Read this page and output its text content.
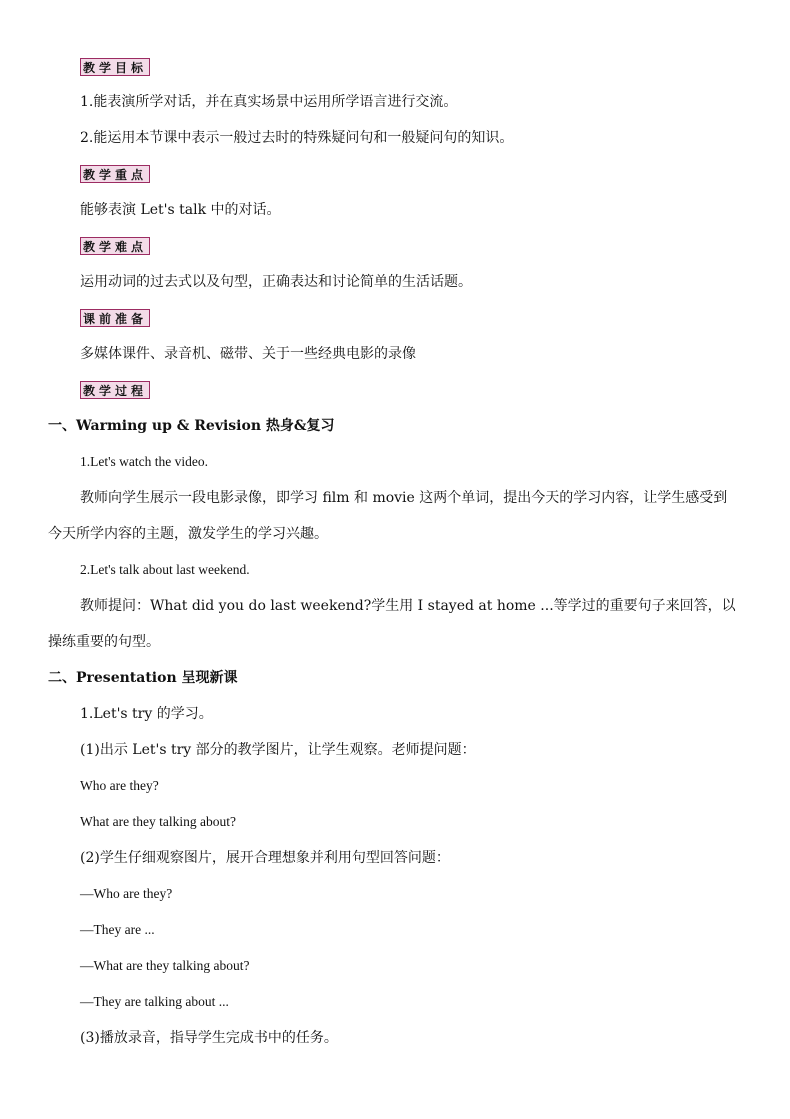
教学目标
1.能表演所学对话，并在真实场景中运用所学语言进行交流。
2.能运用本节课中表示一般过去时的特殊疑问句和一般疑问句的知识。
教学重点
能够表演 Let's talk 中的对话。
教学难点
运用动词的过去式以及句型，正确表达和讨论简单的生活话题。
课前准备
多媒体课件、录音机、磁带、关于一些经典电影的录像
教学过程
一、Warming up & Revision 热身&复习
1.Let's watch the video.
教师向学生展示一段电影录像，即学习 film 和 movie 这两个单词，提出今天的学习内容，让学生感受到今天所学内容的主题，激发学生的学习兴趣。
2.Let's talk about last weekend.
教师提问：What did you do last weekend?学生用 I stayed at home ...等学过的重要句子来回答，以操练重要的句型。
二、Presentation 呈现新课
1.Let's try 的学习。
(1)出示 Let's try 部分的教学图片，让学生观察。老师提问题：
Who are they?
What are they talking about?
(2)学生仔细观察图片，展开合理想象并利用句型回答问题：
—Who are they?
—They are ...
—What are they talking about?
—They are talking about ...
(3)播放录音，指导学生完成书中的任务。
